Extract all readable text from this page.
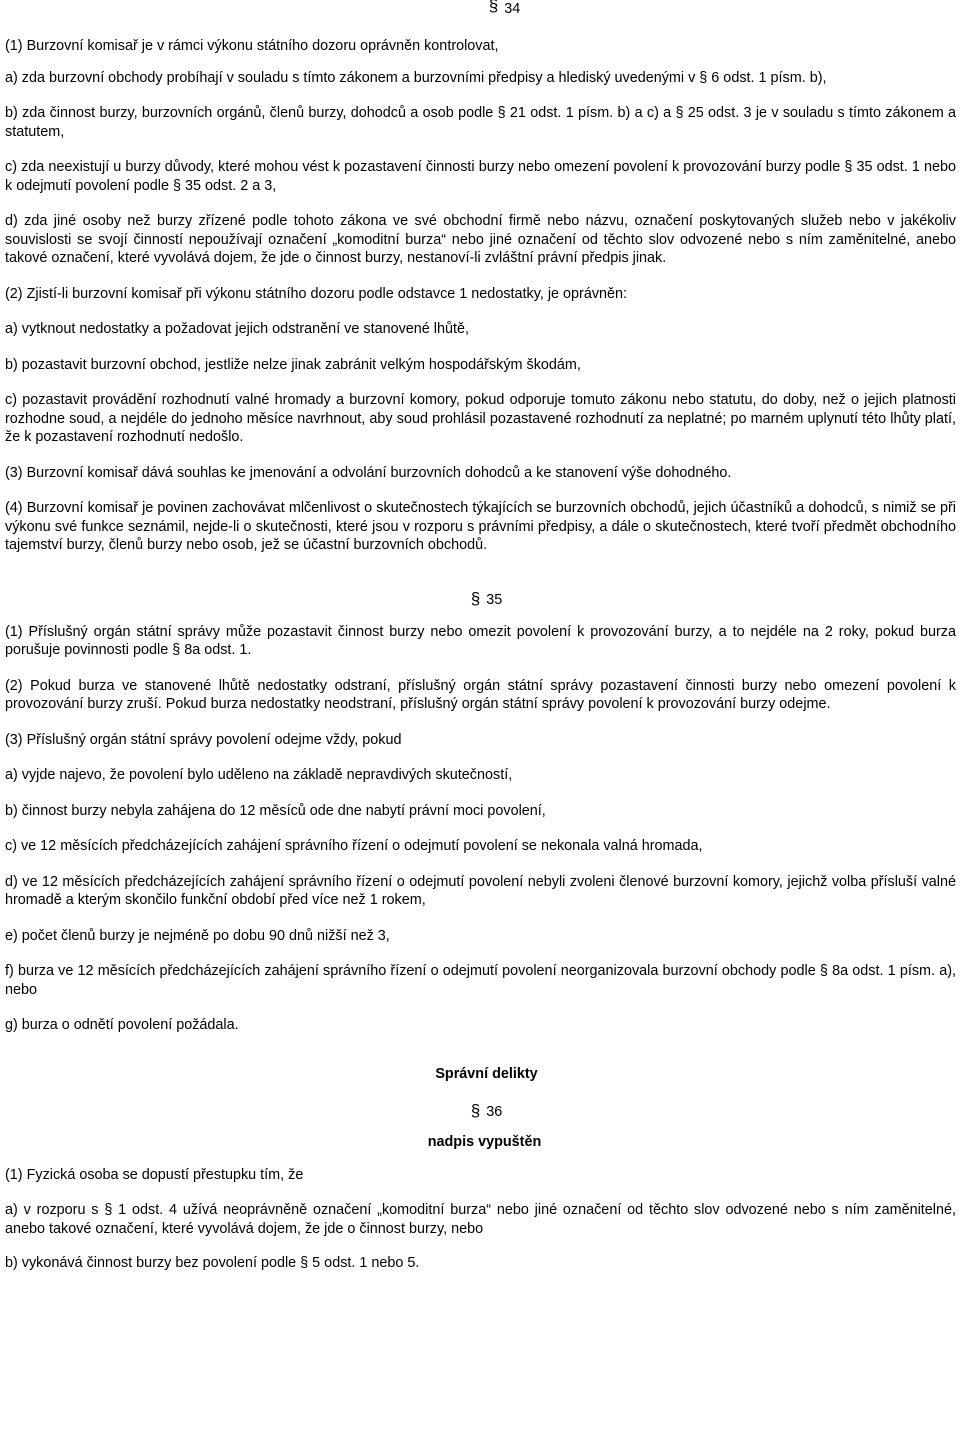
§ 34

(1) Burzovní komisař je v rámci výkonu státního dozoru oprávněn kontrolovat,

a) zda burzovní obchody probíhají v souladu s tímto zákonem a burzovními předpisy a hlediský uvedenými v § 6 odst. 1 písm. b),

b) zda činnost burzy, burzovních orgánů, členů burzy, dohodců a osob podle § 21 odst. 1 písm. b) a c) a § 25 odst. 3 je v souladu s tímto zákonem a statutem,

c) zda neexistují u burzy důvody, které mohou vést k pozastavení činnosti burzy nebo omezení povolení k provozování burzy podle § 35 odst. 1 nebo k odejmutí povolení podle § 35 odst. 2 a 3,

d) zda jiné osoby než burzy zřízené podle tohoto zákona ve své obchodní firmě nebo názvu, označení poskytovaných služeb nebo v jakékoliv souvislosti se svojí činností nepoužívají označení „komoditní burza“ nebo jiné označení od těchto slov odvozené nebo s ním zaměnitelné, anebo takové označení, které vyvolává dojem, že jde o činnost burzy, nestanoví-li zvláštní právní předpis jinak.

(2) Zjistí-li burzovní komisař při výkonu státního dozoru podle odstavce 1 nedostatky, je oprávněn:

a) vytknout nedostatky a požadovat jejich odstranění ve stanovené lhůtě,

b) pozastavit burzovní obchod, jestliže nelze jinak zabránit velkým hospodářským škodám,

c) pozastavit provádění rozhodnutí valné hromady a burzovní komory, pokud odporuje tomuto zákonu nebo statutu, do doby, než o jejich platnosti rozhodne soud, a nejdéle do jednoho měsíce navrhnout, aby soud prohlásil pozastavené rozhodnutí za neplatné; po marném uplynutí této lhůty platí, že k pozastavení rozhodnutí nedošlo.

(3) Burzovní komisař dává souhlas ke jmenování a odvolání burzovních dohodců a ke stanovení výše dohodného.

(4) Burzovní komisař je povinen zachovávat mlčenlivost o skutečnostech týkajících se burzovních obchodů, jejich účastníků a dohodců, s nimiž se při výkonu své funkce seznámil, nejde-li o skutečnosti, které jsou v rozporu s právními předpisy, a dále o skutečnostech, které tvoří předmět obchodního tajemství burzy, členů burzy nebo osob, jež se účastní burzovních obchodů.

§ 35

(1) Příslušný orgán státní správy může pozastavit činnost burzy nebo omezit povolení k provozování burzy, a to nejdéle na 2 roky, pokud burza porušuje povinnosti podle § 8a odst. 1.

(2) Pokud burza ve stanovené lhůtě nedostatky odstraní, příslušný orgán státní správy pozastavení činnosti burzy nebo omezení povolení k provozování burzy zruší. Pokud burza nedostatky neodstraní, příslušný orgán státní správy povolení k provozování burzy odejme.

(3) Příslušný orgán státní správy povolení odejme vždy, pokud

a) vyjde najevo, že povolení bylo uděleno na základě nepravdivých skutečností,

b) činnost burzy nebyla zahájena do 12 měsíců ode dne nabytí právní moci povolení,

c) ve 12 měsících předcházejících zahájení správního řízení o odejmutí povolení se nekonala valná hromada,

d) ve 12 měsících předcházejících zahájení správního řízení o odejmutí povolení nebyli zvoleni členové burzovní komory, jejichž volba přísluší valné hromadě a kterým skončilo funkční období před více než 1 rokem,

e) počet členů burzy je nejméně po dobu 90 dnů nižší než 3,

f) burza ve 12 měsících předcházejících zahájení správního řízení o odejmutí povolení neorganizovala burzovní obchody podle § 8a odst. 1 písm. a), nebo

g) burza o odnětí povolení požádala.

Správní delikty

§ 36

nadpis vypuštěn

(1) Fyzická osoba se dopustí přestupku tím, že

a) v rozporu s § 1 odst. 4 užívá neoprávněně označení „komoditní burza“ nebo jiné označení od těchto slov odvozené nebo s ním zaměnitelné, anebo takové označení, které vyvolává dojem, že jde o činnost burzy, nebo

b) vykonává činnost burzy bez povolení podle § 5 odst. 1 nebo 5.
